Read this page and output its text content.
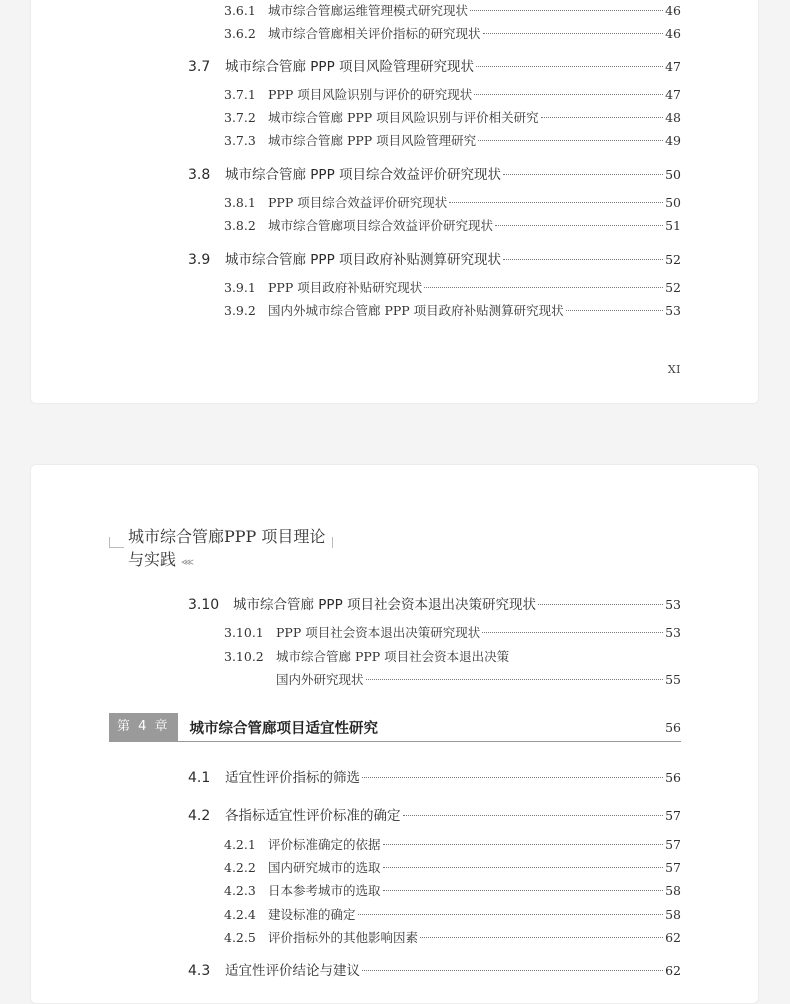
3.6.1 城市综合管廊运维管理模式研究现状	46
3.6.2 城市综合管廊相关评价指标的研究现状	46
3.7	城市综合管廊 PPP 项目风险管理研究现状	47
3.7.1 PPP 项目风险识别与评价的研究现状	47
3.7.2 城市综合管廊 PPP 项目风险识别与评价相关研究	48
3.7.3 城市综合管廊 PPP 项目风险管理研究	49
3.8	城市综合管廊 PPP 项目综合效益评价研究现状	50
3.8.1 PPP 项目综合效益评价研究现状	50
3.8.2 城市综合管廊项目综合效益评价研究现状	51
3.9	城市综合管廊 PPP 项目政府补贴测算研究现状	52
3.9.1 PPP 项目政府补贴研究现状	52
3.9.2 国内外城市综合管廊 PPP 项目政府补贴测算研究现状	53
XI
城市综合管廊PPP 项目理论与实践 ⋘
3.10	城市综合管廊 PPP 项目社会资本退出决策研究现状	53
3.10.1 PPP 项目社会资本退出决策研究现状	53
3.10.2 城市综合管廊 PPP 项目社会资本退出决策
国内外研究现状	55
第 4 章	城市综合管廊项目适宜性研究	56
4.1	适宜性评价指标的筛选	56
4.2	各指标适宜性评价标准的确定	57
4.2.1 评价标准确定的依据	57
4.2.2 国内研究城市的选取	57
4.2.3 日本参考城市的选取	58
4.2.4 建设标准的确定	58
4.2.5 评价指标外的其他影响因素	62
4.3	适宜性评价结论与建议	62
